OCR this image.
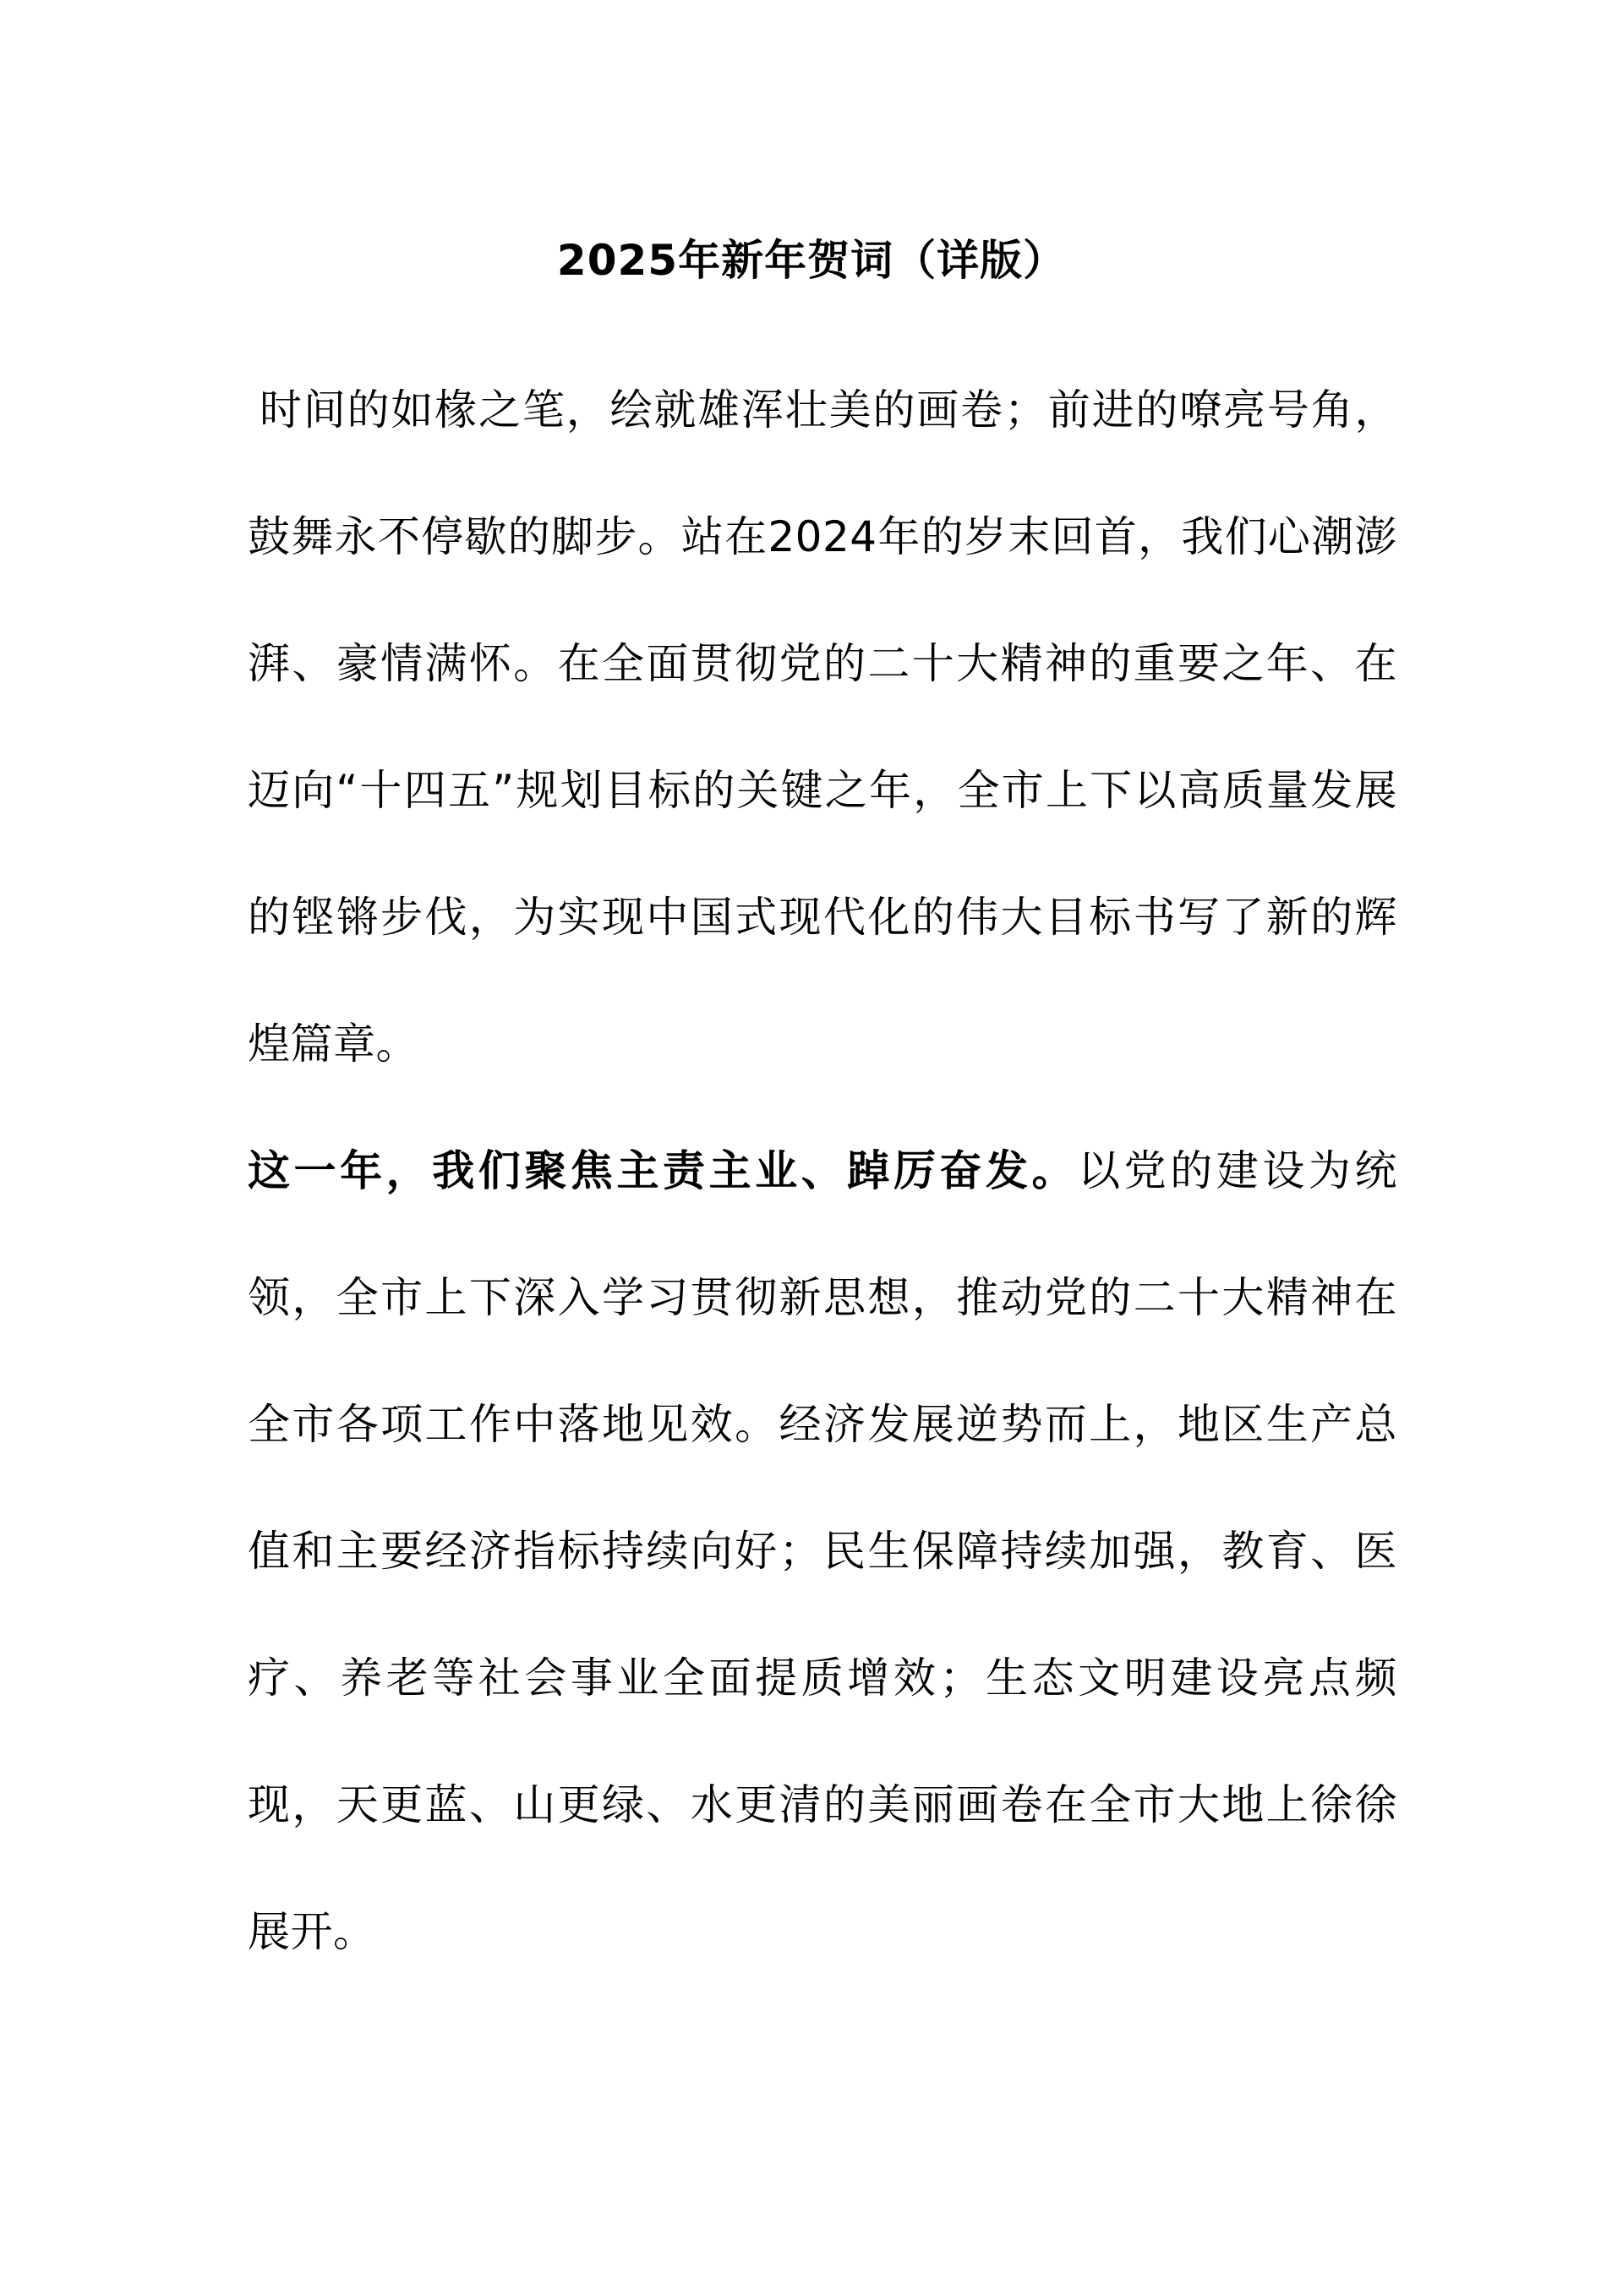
2025年新年贺词（详版）

时间的如椽之笔，绘就雄浑壮美的画卷；前进的嘹亮号角，鼓舞永不停歇的脚步。站在2024年的岁末回首，我们心潮澎湃、豪情满怀。在全面贯彻党的二十大精神的重要之年、在迈向“十四五”规划目标的关键之年，全市上下以高质量发展的铿锵步伐，为实现中国式现代化的伟大目标书写了新的辉煌篇章。

这一年，我们聚焦主责主业、踔厉奋发。以党的建设为统领，全市上下深入学习贯彻新思想，推动党的二十大精神在全市各项工作中落地见效。经济发展逆势而上，地区生产总值和主要经济指标持续向好；民生保障持续加强，教育、医疗、养老等社会事业全面提质增效；生态文明建设亮点频现，天更蓝、山更绿、水更清的美丽画卷在全市大地上徐徐展开。
